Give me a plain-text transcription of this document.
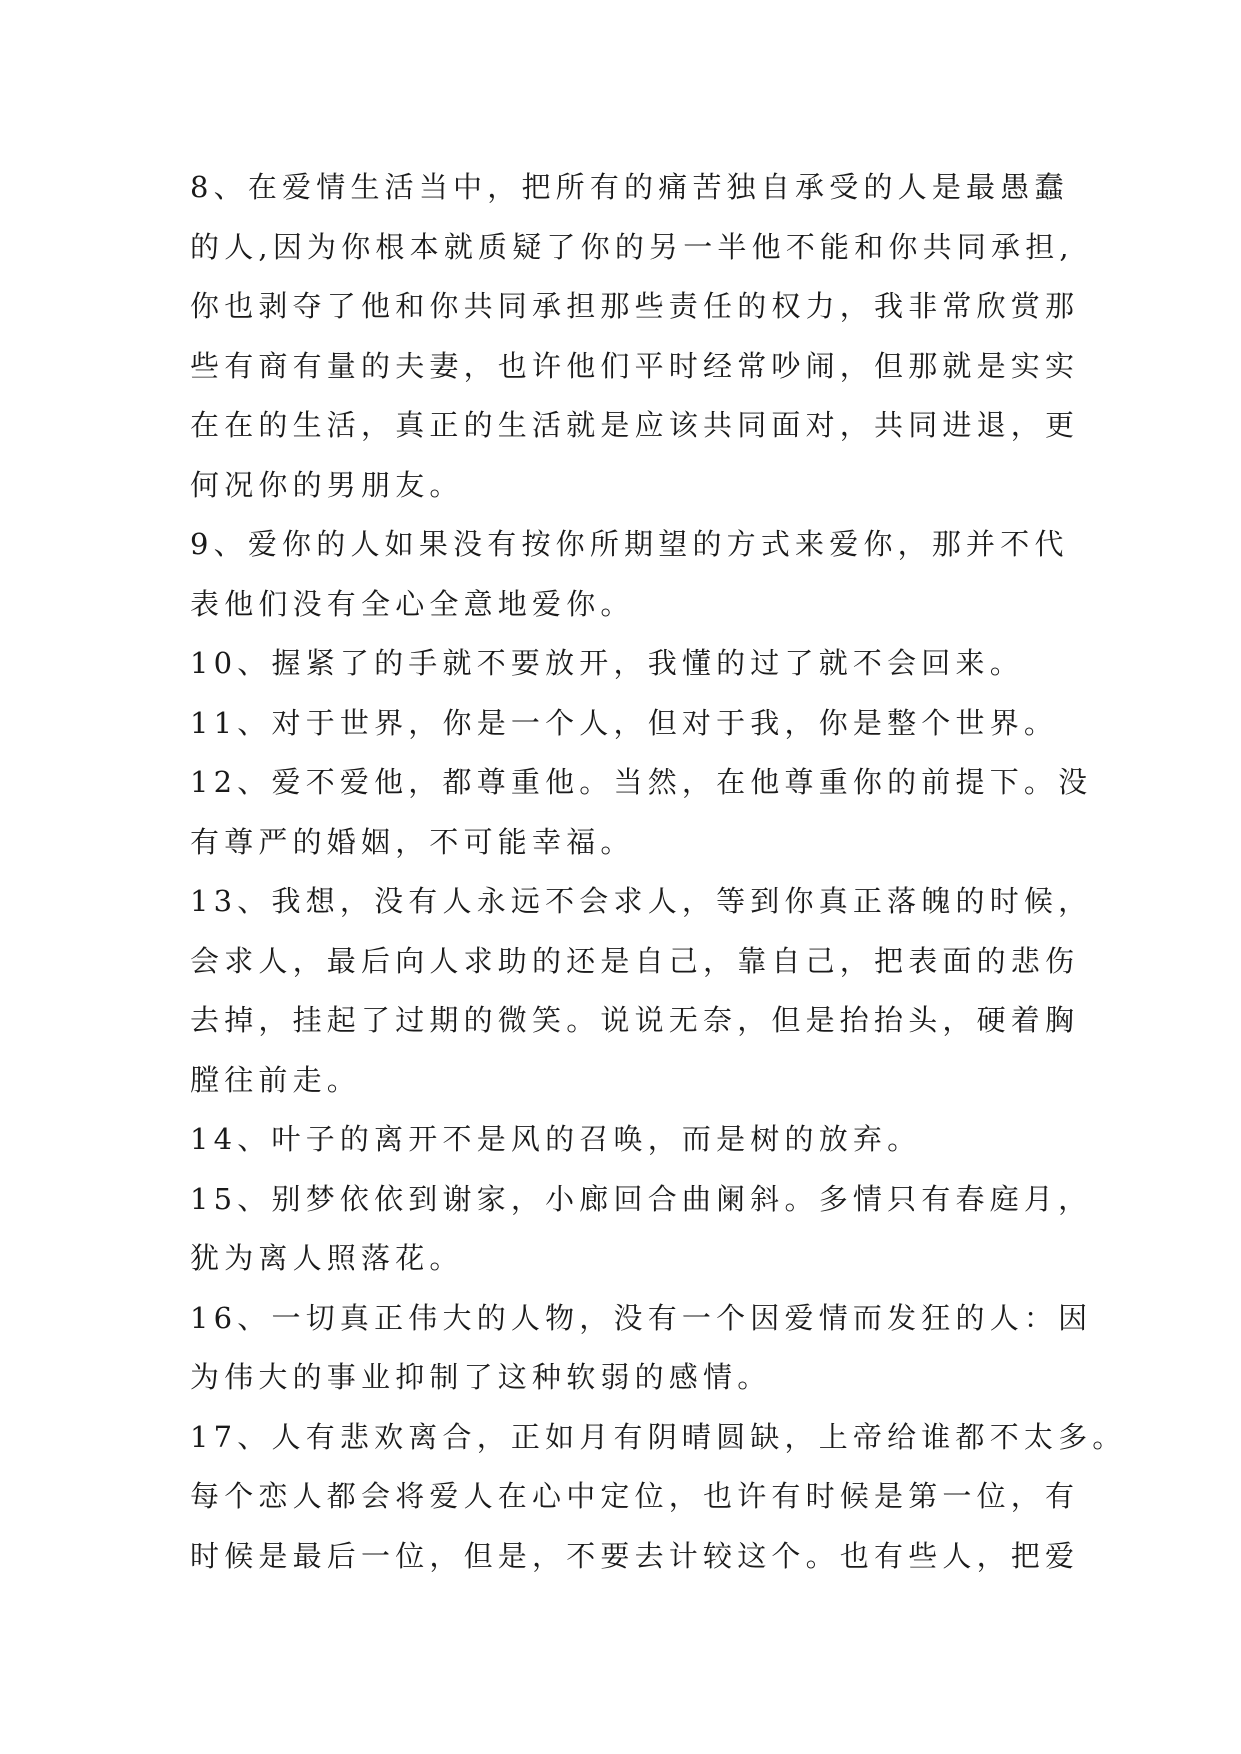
8、在爱情生活当中，把所有的痛苦独自承受的人是最愚蠢
的人,因为你根本就质疑了你的另一半他不能和你共同承担,
你也剥夺了他和你共同承担那些责任的权力，我非常欣赏那
些有商有量的夫妻，也许他们平时经常吵闹，但那就是实实
在在的生活，真正的生活就是应该共同面对，共同进退，更
何况你的男朋友。

9、爱你的人如果没有按你所期望的方式来爱你，那并不代
表他们没有全心全意地爱你。

10、握紧了的手就不要放开，我懂的过了就不会回来。

11、对于世界，你是一个人，但对于我，你是整个世界。

12、爱不爱他，都尊重他。当然，在他尊重你的前提下。没
有尊严的婚姻，不可能幸福。

13、我想，没有人永远不会求人，等到你真正落魄的时候，
会求人，最后向人求助的还是自己，靠自己，把表面的悲伤
去掉，挂起了过期的微笑。说说无奈，但是抬抬头，硬着胸
膛往前走。

14、叶子的离开不是风的召唤，而是树的放弃。

15、别梦依依到谢家，小廊回合曲阑斜。多情只有春庭月，
犹为离人照落花。

16、一切真正伟大的人物，没有一个因爱情而发狂的人：因
为伟大的事业抑制了这种软弱的感情。

17、人有悲欢离合，正如月有阴晴圆缺，上帝给谁都不太多。
每个恋人都会将爱人在心中定位，也许有时候是第一位，有
时候是最后一位，但是，不要去计较这个。也有些人，把爱
